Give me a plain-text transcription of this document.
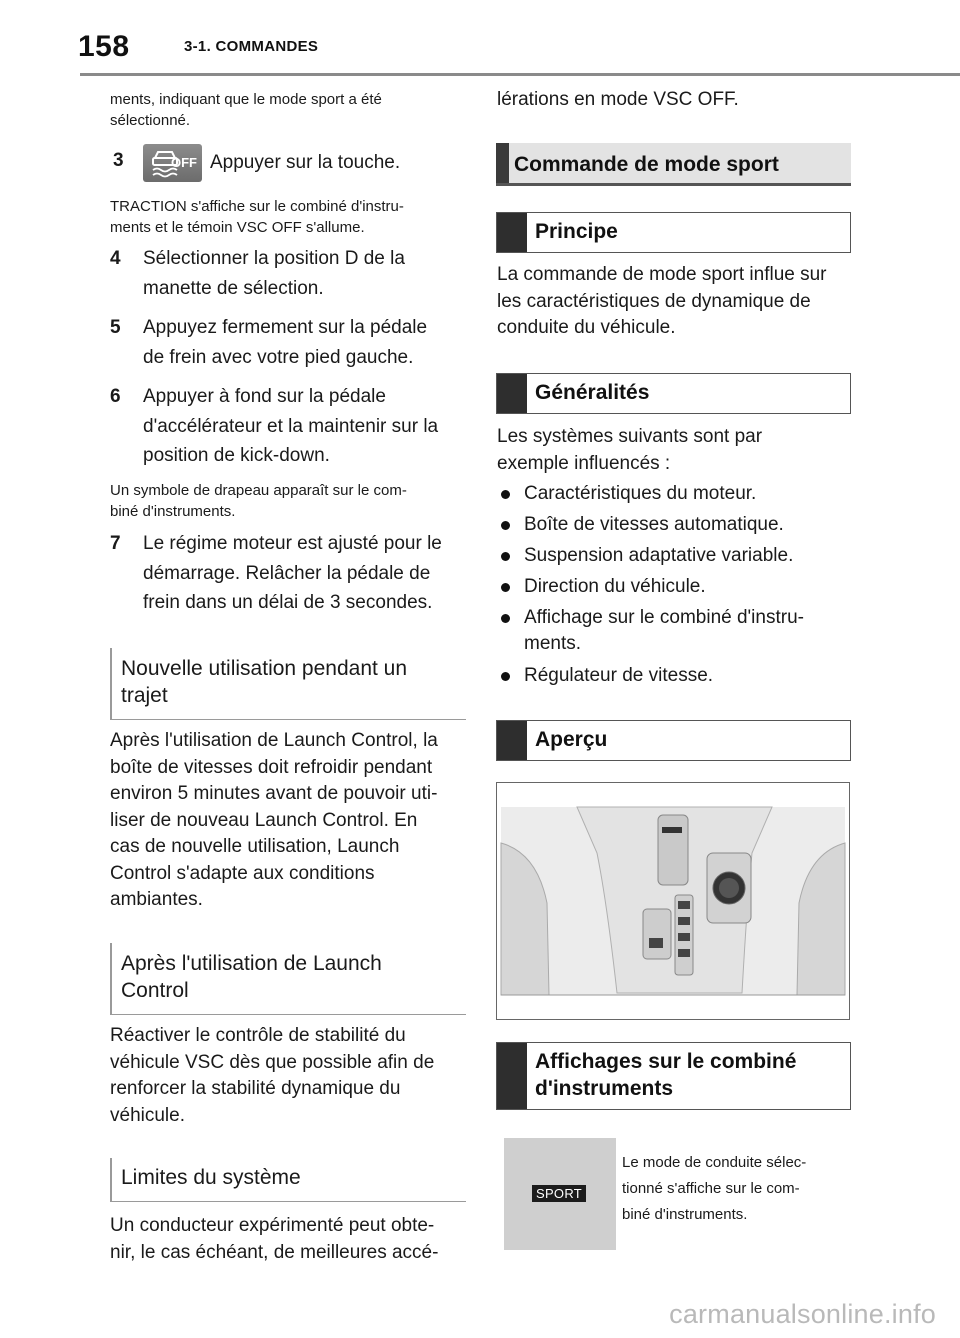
158	3-1. COMMANDES
ments, indiquant que le mode sport a été
sélectionné.
3	OFF Appuyer sur la touche.
TRACTION s'affiche sur le combiné d'instru-
ments et le témoin VSC OFF s'allume.
4 Sélectionner la position D de la
manette de sélection.
5 Appuyez fermement sur la pédale
de frein avec votre pied gauche.
6 Appuyer à fond sur la pédale
d'accélérateur et la maintenir sur la
position de kick-down.
Un symbole de drapeau apparaît sur le com-
biné d'instruments.
7 Le régime moteur est ajusté pour le
démarrage. Relâcher la pédale de
frein dans un délai de 3 secondes.
Nouvelle utilisation pendant un
trajet
Après l'utilisation de Launch Control, la
boîte de vitesses doit refroidir pendant
environ 5 minutes avant de pouvoir uti-
liser de nouveau Launch Control. En
cas de nouvelle utilisation, Launch
Control s'adapte aux conditions
ambiantes.
Après l'utilisation de Launch
Control
Réactiver le contrôle de stabilité du
véhicule VSC dès que possible afin de
renforcer la stabilité dynamique du
véhicule.
Limites du système
Un conducteur expérimenté peut obte-
nir, le cas échéant, de meilleures accé-
lérations en mode VSC OFF.
Commande de mode sport
Principe
La commande de mode sport influe sur
les caractéristiques de dynamique de
conduite du véhicule.
Généralités
Les systèmes suivants sont par
exemple influencés :
Caractéristiques du moteur.
Boîte de vitesses automatique.
Suspension adaptative variable.
Direction du véhicule.
Affichage sur le combiné d'instru-
ments.
Régulateur de vitesse.
Aperçu
Affichages sur le combiné
d'instruments
SPORT
Le mode de conduite sélec-
tionné s'affiche sur le com-
biné d'instruments.
carmanualsonline.info
